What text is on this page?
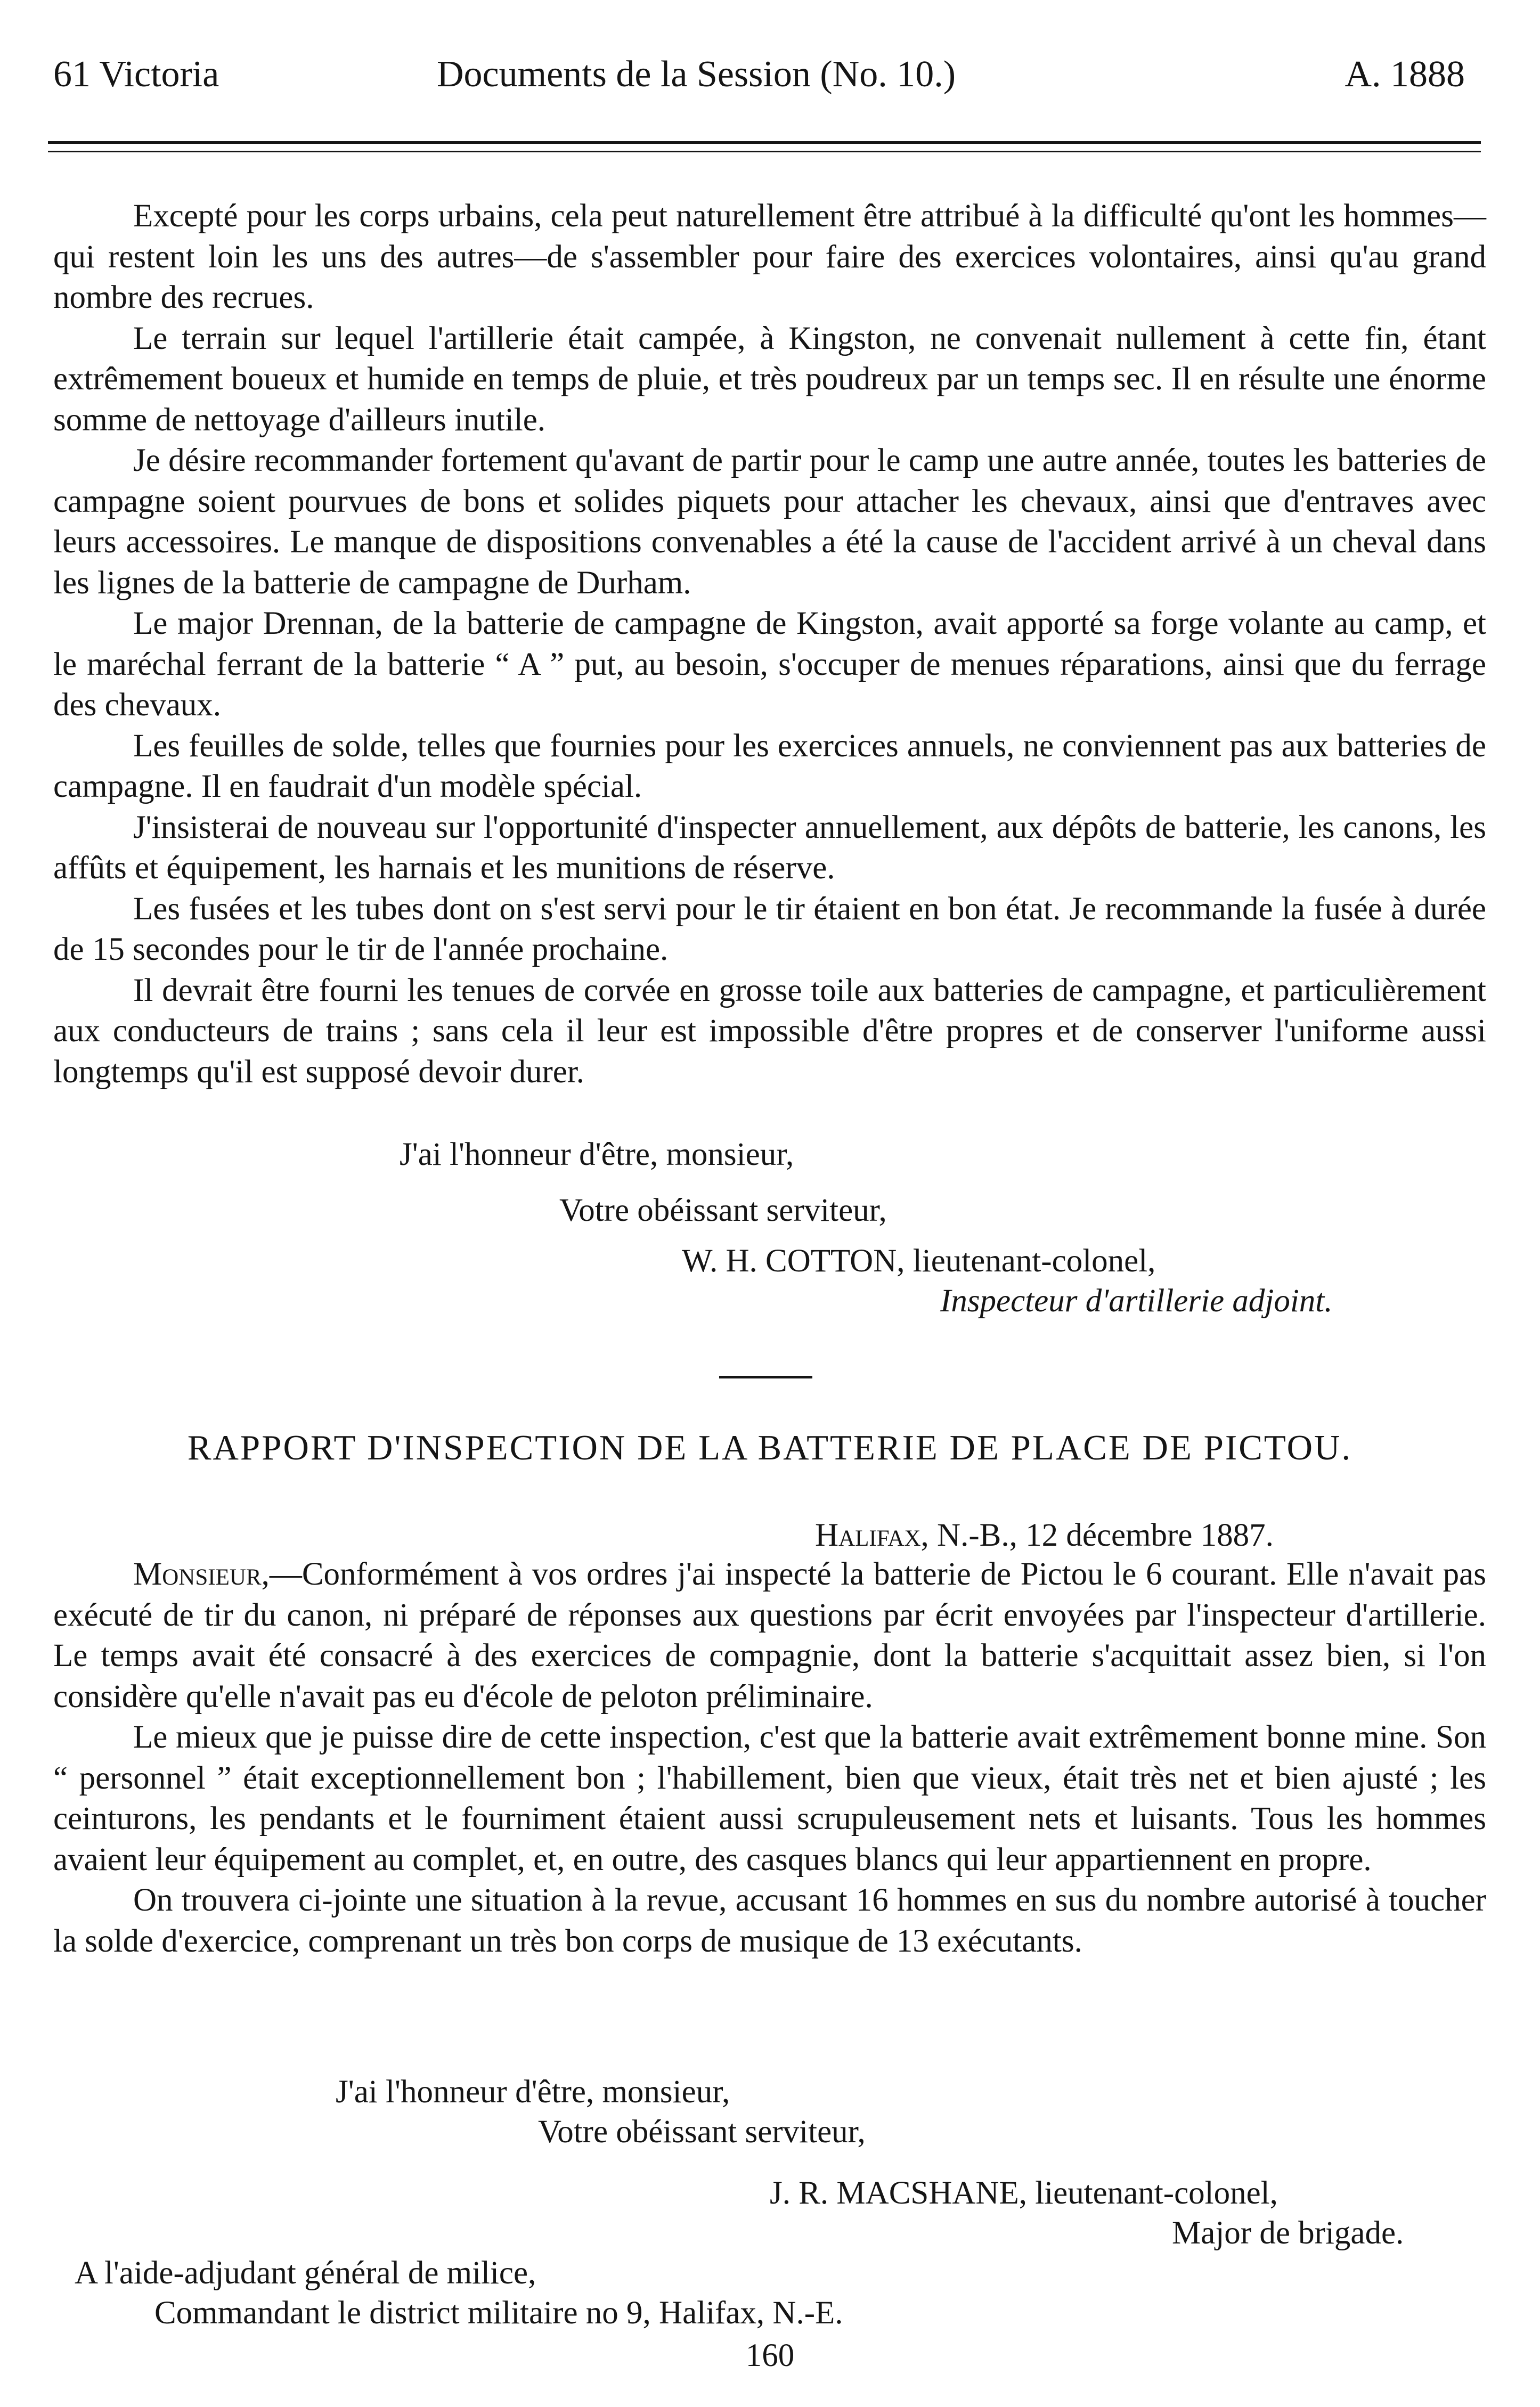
61 Victoria	Documents de la Session (No. 10.)	A. 1888

Excepté pour les corps urbains, cela peut naturellement être attribué à la difficulté qu'ont les hommes—qui restent loin les uns des autres—de s'assembler pour faire des exercices volontaires, ainsi qu'au grand nombre des recrues.

Le terrain sur lequel l'artillerie était campée, à Kingston, ne convenait nullement à cette fin, étant extrêmement boueux et humide en temps de pluie, et très poudreux par un temps sec. Il en résulte une énorme somme de nettoyage d'ailleurs inutile.

Je désire recommander fortement qu'avant de partir pour le camp une autre année, toutes les batteries de campagne soient pourvues de bons et solides piquets pour attacher les chevaux, ainsi que d'entraves avec leurs accessoires. Le manque de dispositions convenables a été la cause de l'accident arrivé à un cheval dans les lignes de la batterie de campagne de Durham.

Le major Drennan, de la batterie de campagne de Kingston, avait apporté sa forge volante au camp, et le maréchal ferrant de la batterie “ A ” put, au besoin, s'occuper de menues réparations, ainsi que du ferrage des chevaux.

Les feuilles de solde, telles que fournies pour les exercices annuels, ne conviennent pas aux batteries de campagne. Il en faudrait d'un modèle spécial.

J'insisterai de nouveau sur l'opportunité d'inspecter annuellement, aux dépôts de batterie, les canons, les affûts et équipement, les harnais et les munitions de réserve.

Les fusées et les tubes dont on s'est servi pour le tir étaient en bon état. Je recommande la fusée à durée de 15 secondes pour le tir de l'année prochaine.

Il devrait être fourni les tenues de corvée en grosse toile aux batteries de campagne, et particulièrement aux conducteurs de trains ; sans cela il leur est impossible d'être propres et de conserver l'uniforme aussi longtemps qu'il est supposé devoir durer.

J'ai l'honneur d'être, monsieur,
Votre obéissant serviteur,
W. H. COTTON, lieutenant-colonel,
Inspecteur d'artillerie adjoint.
RAPPORT D'INSPECTION DE LA BATTERIE DE PLACE DE PICTOU.
Halifax, N.-B., 12 décembre 1887.

Monsieur,—Conformément à vos ordres j'ai inspecté la batterie de Pictou le 6 courant. Elle n'avait pas exécuté de tir du canon, ni préparé de réponses aux questions par écrit envoyées par l'inspecteur d'artillerie. Le temps avait été consacré à des exercices de compagnie, dont la batterie s'acquittait assez bien, si l'on considère qu'elle n'avait pas eu d'école de peloton préliminaire.

Le mieux que je puisse dire de cette inspection, c'est que la batterie avait extrêmement bonne mine. Son “ personnel ” était exceptionnellement bon ; l'habillement, bien que vieux, était très net et bien ajusté ; les ceinturons, les pendants et le fourniment étaient aussi scrupuleusement nets et luisants. Tous les hommes avaient leur équipement au complet, et, en outre, des casques blancs qui leur appartiennent en propre.

On trouvera ci-jointe une situation à la revue, accusant 16 hommes en sus du nombre autorisé à toucher la solde d'exercice, comprenant un très bon corps de musique de 13 exécutants.

J'ai l'honneur d'être, monsieur,
Votre obéissant serviteur,
J. R. MACSHANE, lieutenant-colonel,
Major de brigade.
A l'aide-adjudant général de milice,
Commandant le district militaire no 9, Halifax, N.-E.
160
